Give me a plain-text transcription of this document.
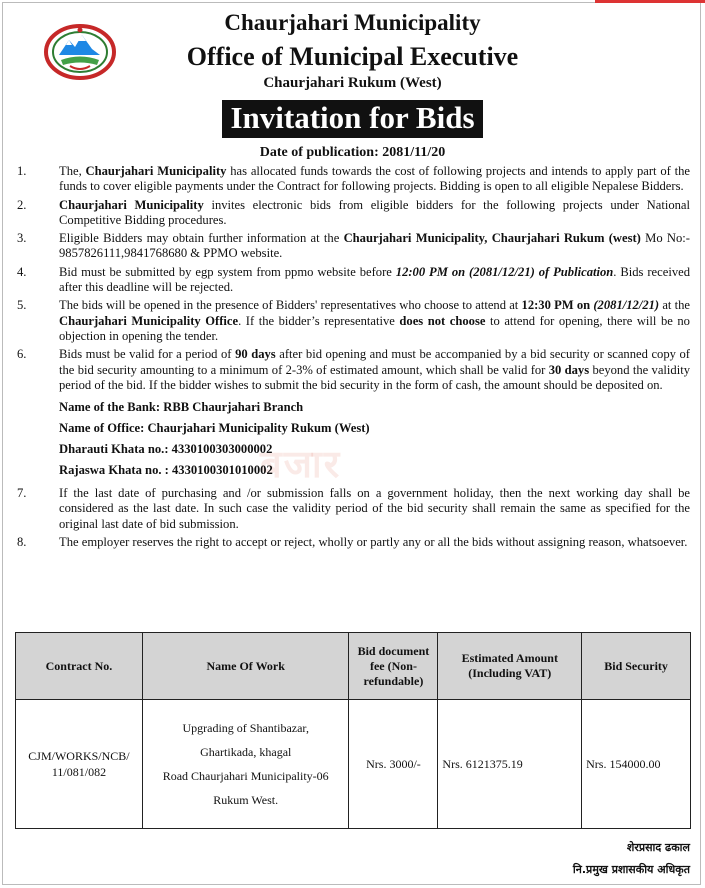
Chaurjahari Municipality
Office of Municipal Executive
Chaurjahari Rukum (West)
Invitation for Bids
Date of publication: 2081/11/20
बजार
1.	The, Chaurjahari Municipality has allocated funds towards the cost of following projects and intends to apply part of the funds to cover eligible payments under the Contract for following projects. Bidding is open to all eligible Nepalese Bidders.
2.	Chaurjahari Municipality invites electronic bids from eligible bidders for the following projects under National Competitive Bidding procedures.
3.	Eligible Bidders may obtain further information at the Chaurjahari Municipality, Chaurjahari Rukum (west) Mo No:- 9857826111,9841768680 & PPMO website.
4.	Bid must be submitted by egp system from ppmo website before 12:00 PM on (2081/12/21) of Publication. Bids received after this deadline will be rejected.
5.	The bids will be opened in the presence of Bidders' representatives who choose to attend at 12:30 PM on (2081/12/21) at the Chaurjahari Municipality Office. If the bidder’s representative does not choose to attend for opening, there will be no objection in opening the tender.
6.	Bids must be valid for a period of 90 days after bid opening and must be accompanied by a bid security or scanned copy of the bid security amounting to a minimum of 2-3% of estimated amount, which shall be valid for 30 days beyond the validity period of the bid. If the bidder wishes to submit the bid security in the form of cash, the amount should be deposited on.
Name of the Bank: RBB Chaurjahari Branch
Name of Office: Chaurjahari Municipality Rukum (West)
Dharauti Khata no.: 4330100303000002
Rajaswa Khata no. : 4330100301010002
7.	If the last date of purchasing and /or submission falls on a government holiday, then the next working day shall be considered as the last date. In such case the validity period of the bid security shall remain the same as specified for the original last date of bid submission.
8.	The employer reserves the right to accept or reject, wholly or partly any or all the bids without assigning reason, whatsoever.
Contract No.	Name Of Work	Bid document fee (Non-refundable)	Estimated Amount (Including VAT)	Bid Security
CJM/WORKS/NCB/ 11/081/082	Upgrading of Shantibazar,
Ghartikada, khagal
Road Chaurjahari Municipality-06
Rukum West.	Nrs. 3000/-	Nrs. 6121375.19	Nrs. 154000.00
शेरप्रसाद ढकाल
नि.प्रमुख प्रशासकीय अधिकृत
